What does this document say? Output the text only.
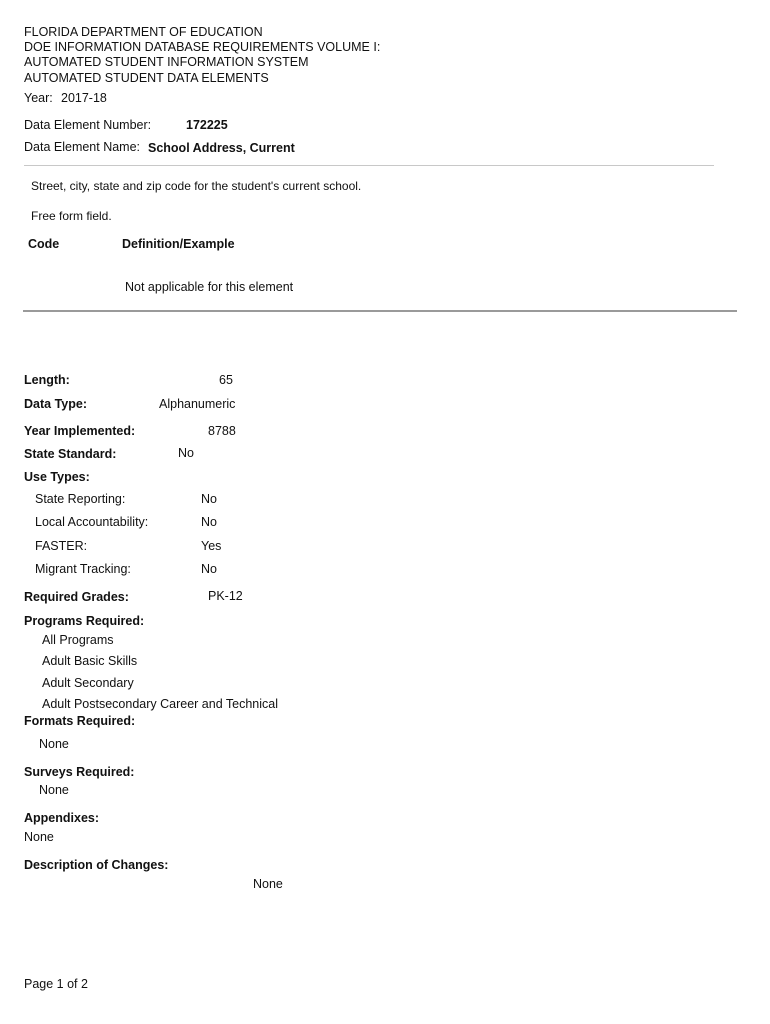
FLORIDA DEPARTMENT OF EDUCATION
DOE INFORMATION DATABASE REQUIREMENTS VOLUME I:
AUTOMATED STUDENT INFORMATION SYSTEM
AUTOMATED STUDENT DATA ELEMENTS
Year: 2017-18
Data Element Number:	172225
Data Element Name: School Address, Current
Street, city, state and zip code for the student's current school.
Free form field.
Code	Definition/Example
Not applicable for this element
Length:	65
Data Type:	Alphanumeric
Year Implemented:	8788
State Standard:	No
Use Types:
State Reporting:	No
Local Accountability:	No
FASTER:	Yes
Migrant Tracking:	No
Required Grades:	PK-12
Programs Required:
All Programs
Adult Basic Skills
Adult Secondary
Adult Postsecondary Career and Technical
Formats Required:
None
Surveys Required:
None
Appendixes:
None
Description of Changes:
None
Page 1 of 2
